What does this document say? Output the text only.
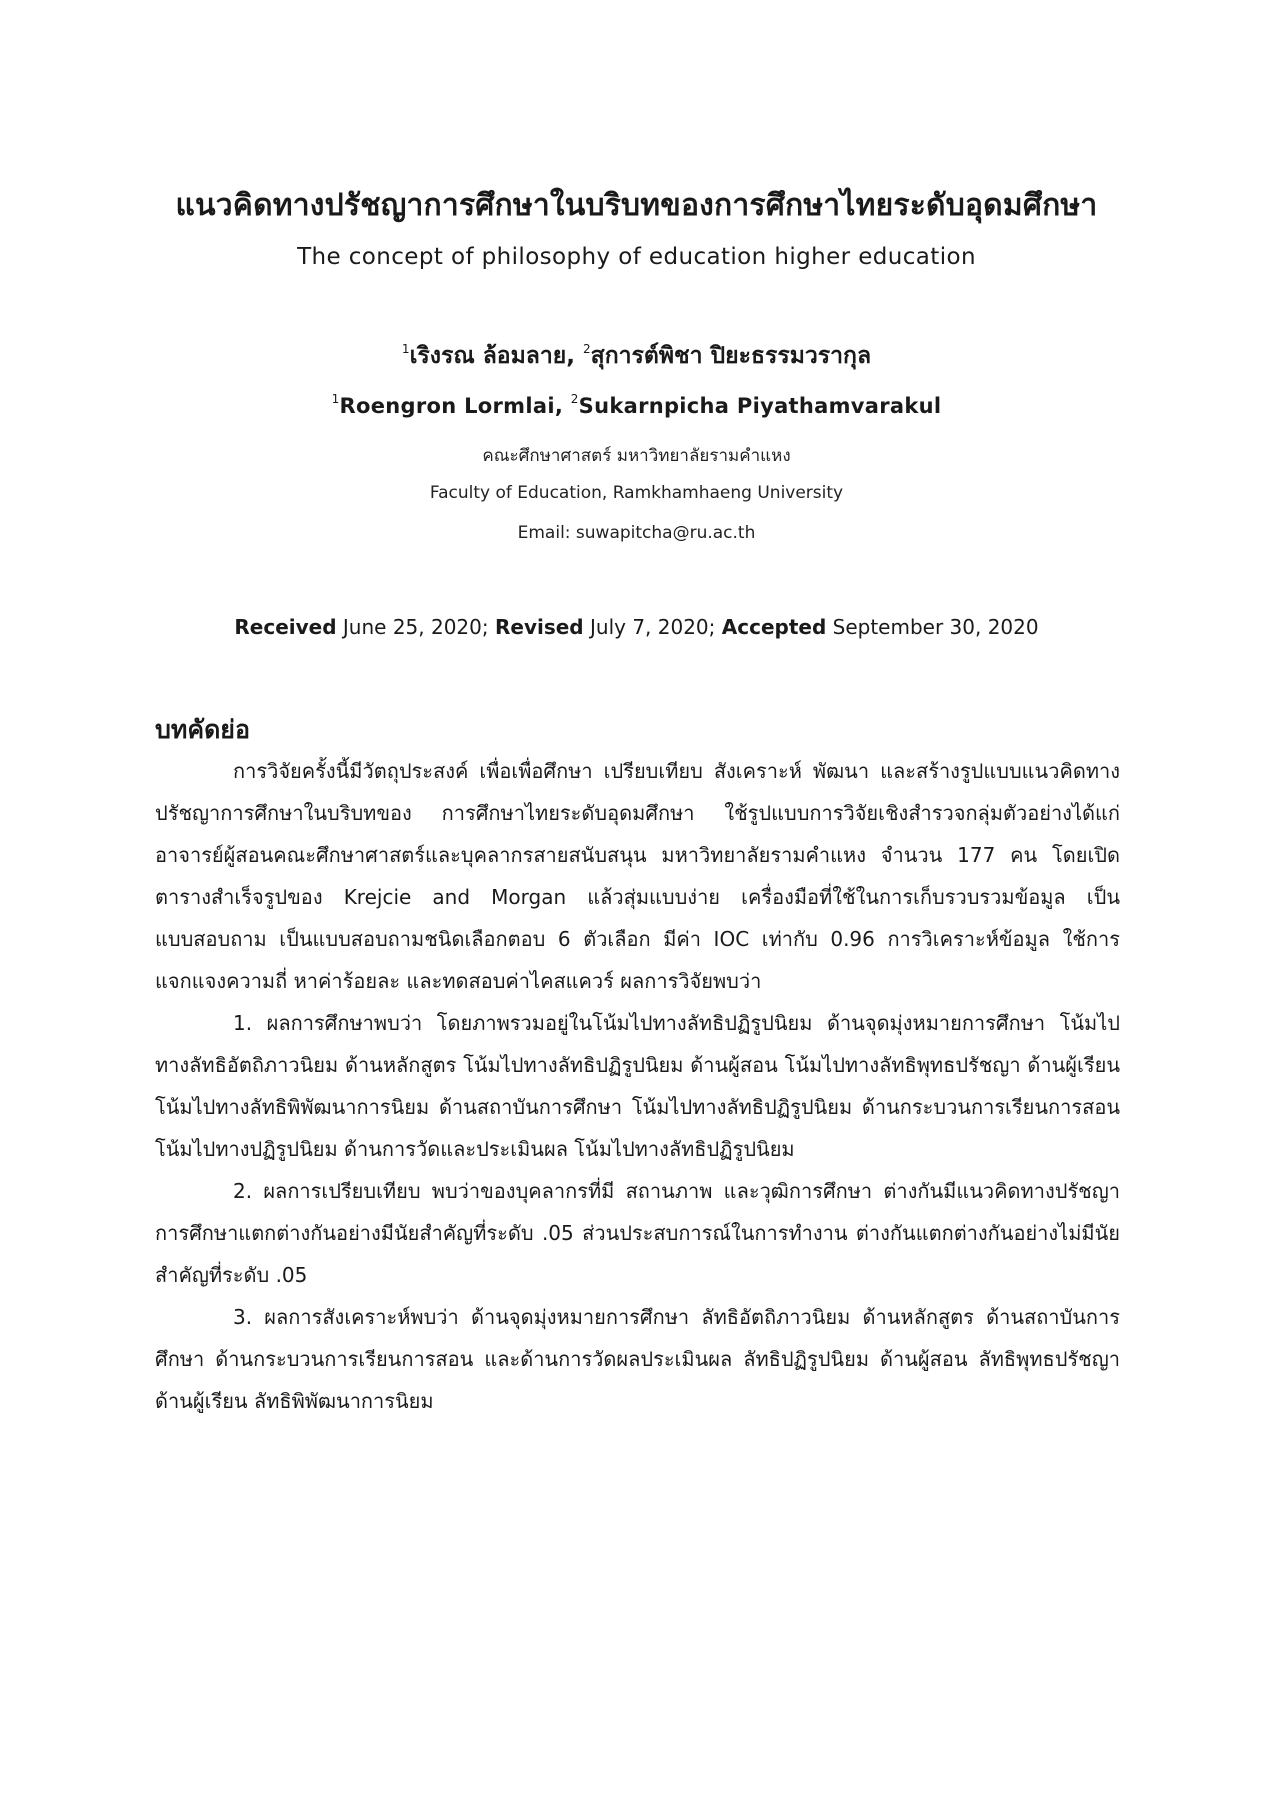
แนวคิดทางปรัชญาการศึกษาในบริบทของการศึกษาไทยระดับอุดมศึกษา
The concept of philosophy of education higher education
$^1$เริงรณ ล้อมลาย, $^2$สุการต์พิชา ปิยะธรรมวรากุล
$^1$Roengron Lormlai, $^2$Sukarnpicha Piyathamvarakul
คณะศึกษาศาสตร์ มหาวิทยาลัยรามคำแหง
Faculty of Education, Ramkhamhaeng University
Email: suwapitcha@ru.ac.th
Received June 25, 2020; Revised July 7, 2020; Accepted September 30, 2020
บทคัดย่อ

การวิจัยครั้งนี้มีวัตถุประสงค์ เพื่อเพื่อศึกษา เปรียบเทียบ สังเคราะห์ พัฒนา และสร้างรูปแบบแนวคิดทางปรัชญาการศึกษาในบริบทของ การศึกษาไทยระดับอุดมศึกษา ใช้รูปแบบการวิจัยเชิงสำรวจกลุ่มตัวอย่างได้แก่ อาจารย์ผู้สอนคณะศึกษาศาสตร์และบุคลากรสายสนับสนุน มหาวิทยาลัยรามคำแหง จำนวน 177 คน โดยเปิดตารางสำเร็จรูปของ Krejcie and Morgan แล้วสุ่มแบบง่าย เครื่องมือที่ใช้ในการเก็บรวบรวมข้อมูล เป็นแบบสอบถาม เป็นแบบสอบถามชนิดเลือกตอบ 6 ตัวเลือก มีค่า IOC เท่ากับ 0.96 การวิเคราะห์ข้อมูล ใช้การแจกแจงความถี่ หาค่าร้อยละ และทดสอบค่าไคสแควร์ ผลการวิจัยพบว่า

1. ผลการศึกษาพบว่า โดยภาพรวมอยู่ในโน้มไปทางลัทธิปฏิรูปนิยม ด้านจุดมุ่งหมายการศึกษา โน้มไปทางลัทธิอัตถิภาวนิยม ด้านหลักสูตร โน้มไปทางลัทธิปฏิรูปนิยม ด้านผู้สอน โน้มไปทางลัทธิพุทธปรัชญา ด้านผู้เรียน โน้มไปทางลัทธิพิพัฒนาการนิยม ด้านสถาบันการศึกษา โน้มไปทางลัทธิปฏิรูปนิยม ด้านกระบวนการเรียนการสอน โน้มไปทางปฏิรูปนิยม ด้านการวัดและประเมินผล โน้มไปทางลัทธิปฏิรูปนิยม

2. ผลการเปรียบเทียบ พบว่าของบุคลากรที่มี สถานภาพ และวุฒิการศึกษา ต่างกันมีแนวคิดทางปรัชญาการศึกษาแตกต่างกันอย่างมีนัยสำคัญที่ระดับ .05 ส่วนประสบการณ์ในการทำงาน ต่างกันแตกต่างกันอย่างไม่มีนัยสำคัญที่ระดับ .05

3. ผลการสังเคราะห์พบว่า ด้านจุดมุ่งหมายการศึกษา ลัทธิอัตถิภาวนิยม ด้านหลักสูตร ด้านสถาบันการศึกษา ด้านกระบวนการเรียนการสอน และด้านการวัดผลประเมินผล ลัทธิปฏิรูปนิยม ด้านผู้สอน ลัทธิพุทธปรัชญา ด้านผู้เรียน ลัทธิพิพัฒนาการนิยม
